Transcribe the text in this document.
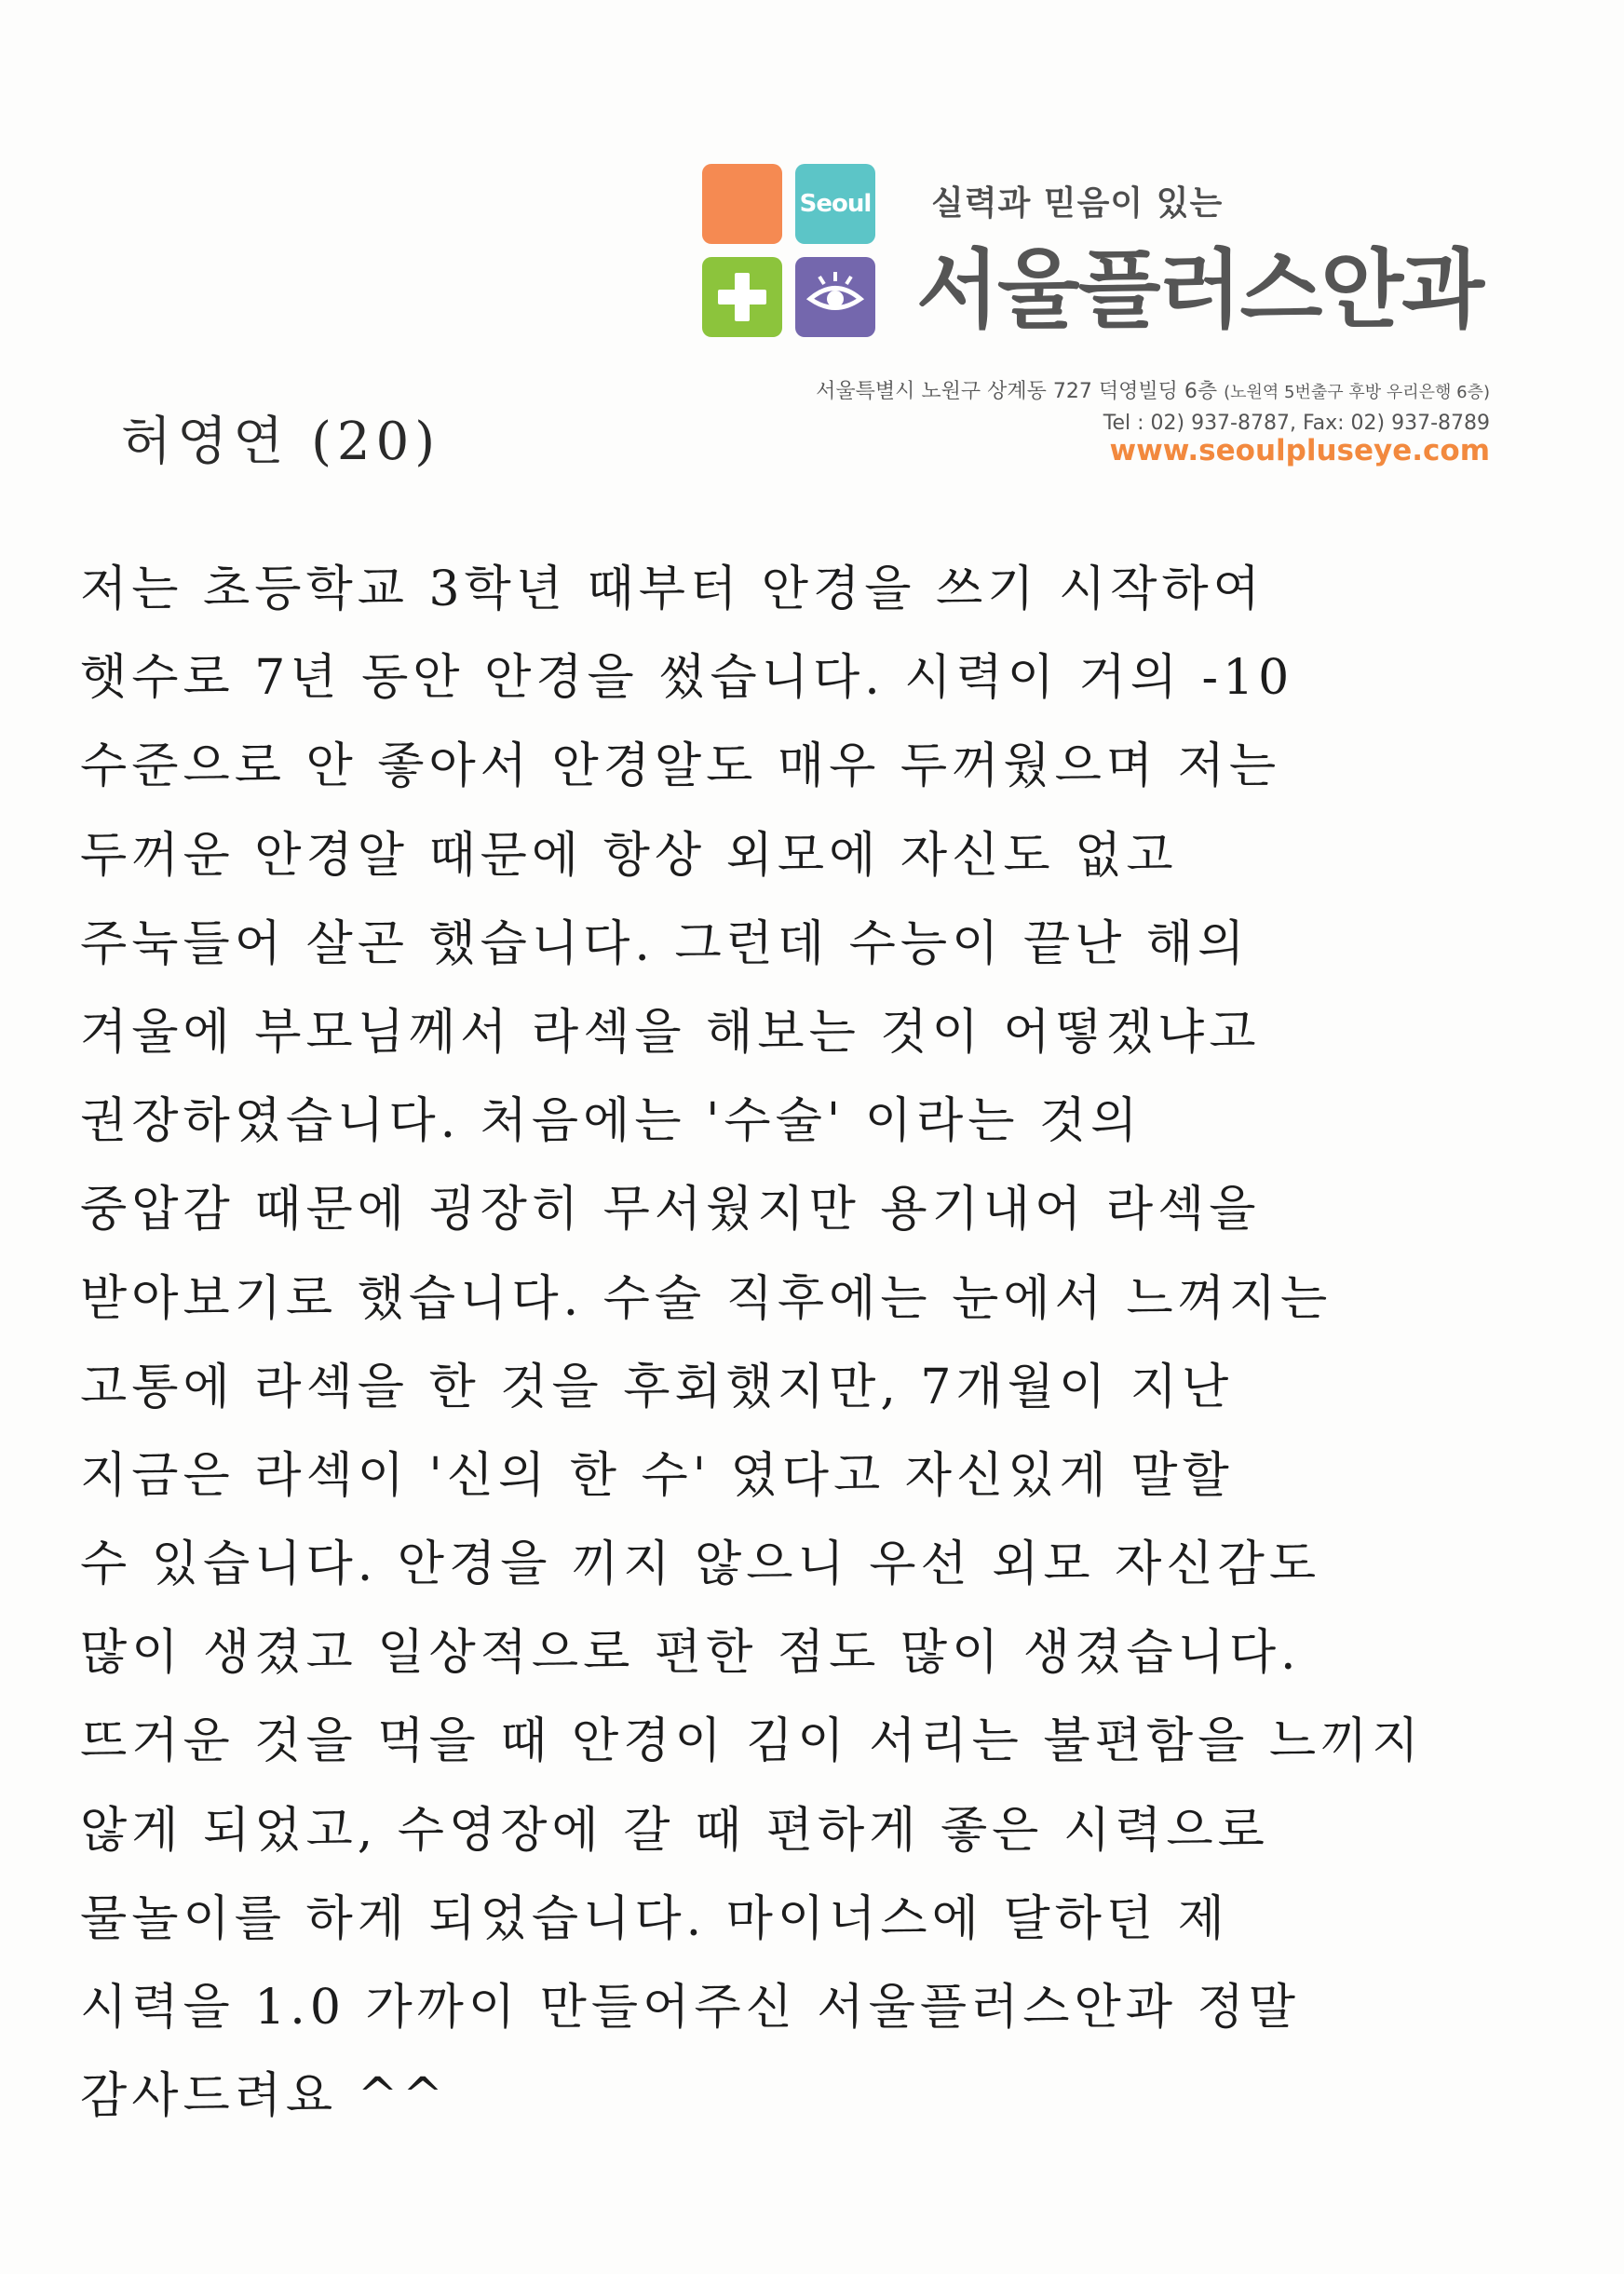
Seoul 실력과 믿음이 있는
서울플러스안과
서울특별시 노원구 상계동 727 덕영빌딩 6층 (노원역 5번출구 후방 우리은행 6층)
Tel : 02) 937-8787, Fax: 02) 937-8789
www.seoulpluseye.com
허영연 (20)
저는 초등학교 3학년 때부터 안경을 쓰기 시작하여
햇수로 7년 동안 안경을 썼습니다. 시력이 거의 -10
수준으로 안 좋아서 안경알도 매우 두꺼웠으며 저는
두꺼운 안경알 때문에 항상 외모에 자신도 없고
주눅들어 살곤 했습니다. 그런데 수능이 끝난 해의
겨울에 부모님께서 라섹을 해보는 것이 어떻겠냐고
권장하였습니다. 처음에는 '수술' 이라는 것의
중압감 때문에 굉장히 무서웠지만 용기내어 라섹을
받아보기로 했습니다. 수술 직후에는 눈에서 느껴지는
고통에 라섹을 한 것을 후회했지만, 7개월이 지난
지금은 라섹이 '신의 한 수' 였다고 자신있게 말할
수 있습니다. 안경을 끼지 않으니 우선 외모 자신감도
많이 생겼고 일상적으로 편한 점도 많이 생겼습니다.
뜨거운 것을 먹을 때 안경이 김이 서리는 불편함을 느끼지
않게 되었고, 수영장에 갈 때 편하게 좋은 시력으로
물놀이를 하게 되었습니다. 마이너스에 달하던 제
시력을 1.0 가까이 만들어주신 서울플러스안과 정말
감사드려요 ^^
